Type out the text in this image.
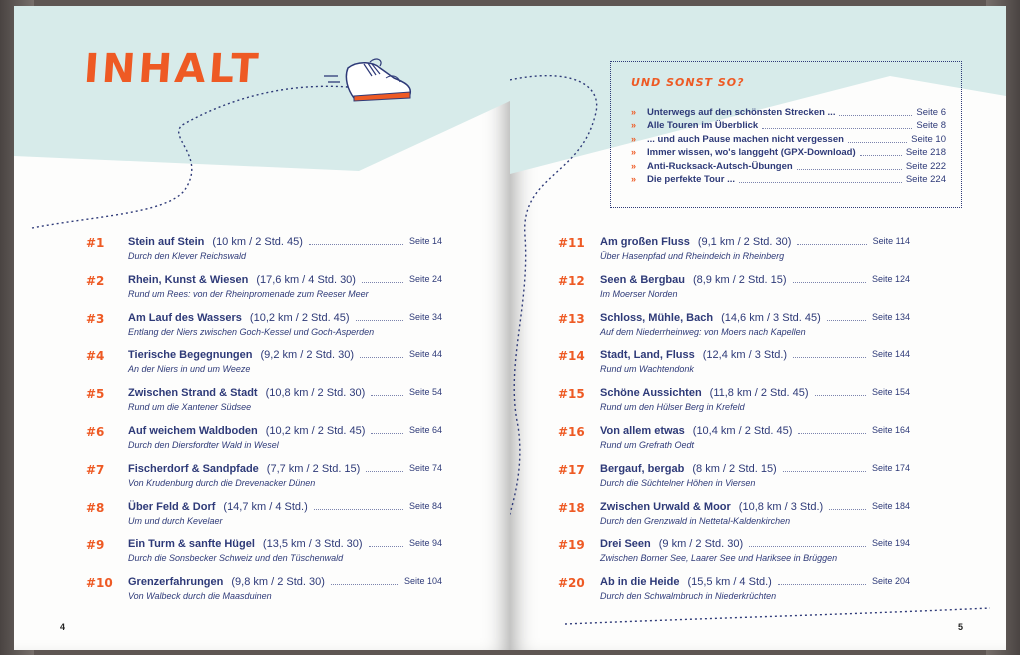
INHALT
#1 Stein auf Stein (10 km / 2 Std. 45)	Seite 14
Durch den Klever Reichswald
#2 Rhein, Kunst & Wiesen (17,6 km / 4 Std. 30)	Seite 24
Rund um Rees: von der Rheinpromenade zum Reeser Meer
#3 Am Lauf des Wassers (10,2 km / 2 Std. 45)	Seite 34
Entlang der Niers zwischen Goch-Kessel und Goch-Asperden
#4 Tierische Begegnungen (9,2 km / 2 Std. 30)	Seite 44
An der Niers in und um Weeze
#5 Zwischen Strand & Stadt (10,8 km / 2 Std. 30)	Seite 54
Rund um die Xantener Südsee
#6 Auf weichem Waldboden (10,2 km / 2 Std. 45)	Seite 64
Durch den Diersfordter Wald in Wesel
#7 Fischerdorf & Sandpfade (7,7 km / 2 Std. 15)	Seite 74
Von Krudenburg durch die Drevenacker Dünen
#8 Über Feld & Dorf (14,7 km / 4 Std.)	Seite 84
Um und durch Kevelaer
#9 Ein Turm & sanfte Hügel (13,5 km / 3 Std. 30)	Seite 94
Durch die Sonsbecker Schweiz und den Tüschenwald
#10 Grenzerfahrungen (9,8 km / 2 Std. 30)	Seite 104
Von Walbeck durch die Maasduinen
4
UND SONST SO?
» Unterwegs auf den schönsten Strecken ...	Seite 6
» Alle Touren im Überblick	Seite 8
» ... und auch Pause machen nicht vergessen	Seite 10
» Immer wissen, wo's langgeht (GPX-Download)	Seite 218
» Anti-Rucksack-Autsch-Übungen	Seite 222
» Die perfekte Tour ...	Seite 224
#11 Am großen Fluss (9,1 km / 2 Std. 30)	Seite 114
Über Hasenpfad und Rheindeich in Rheinberg
#12 Seen & Bergbau (8,9 km / 2 Std. 15)	Seite 124
Im Moerser Norden
#13 Schloss, Mühle, Bach (14,6 km / 3 Std. 45)	Seite 134
Auf dem Niederrheinweg: von Moers nach Kapellen
#14 Stadt, Land, Fluss (12,4 km / 3 Std.)	Seite 144
Rund um Wachtendonk
#15 Schöne Aussichten (11,8 km / 2 Std. 45)	Seite 154
Rund um den Hülser Berg in Krefeld
#16 Von allem etwas (10,4 km / 2 Std. 45)	Seite 164
Rund um Grefrath Oedt
#17 Bergauf, bergab (8 km / 2 Std. 15)	Seite 174
Durch die Süchtelner Höhen in Viersen
#18 Zwischen Urwald & Moor (10,8 km / 3 Std.)	Seite 184
Durch den Grenzwald in Nettetal-Kaldenkirchen
#19 Drei Seen (9 km / 2 Std. 30)	Seite 194
Zwischen Borner See, Laarer See und Hariksee in Brüggen
#20 Ab in die Heide (15,5 km / 4 Std.)	Seite 204
Durch den Schwalmbruch in Niederkrüchten
5
